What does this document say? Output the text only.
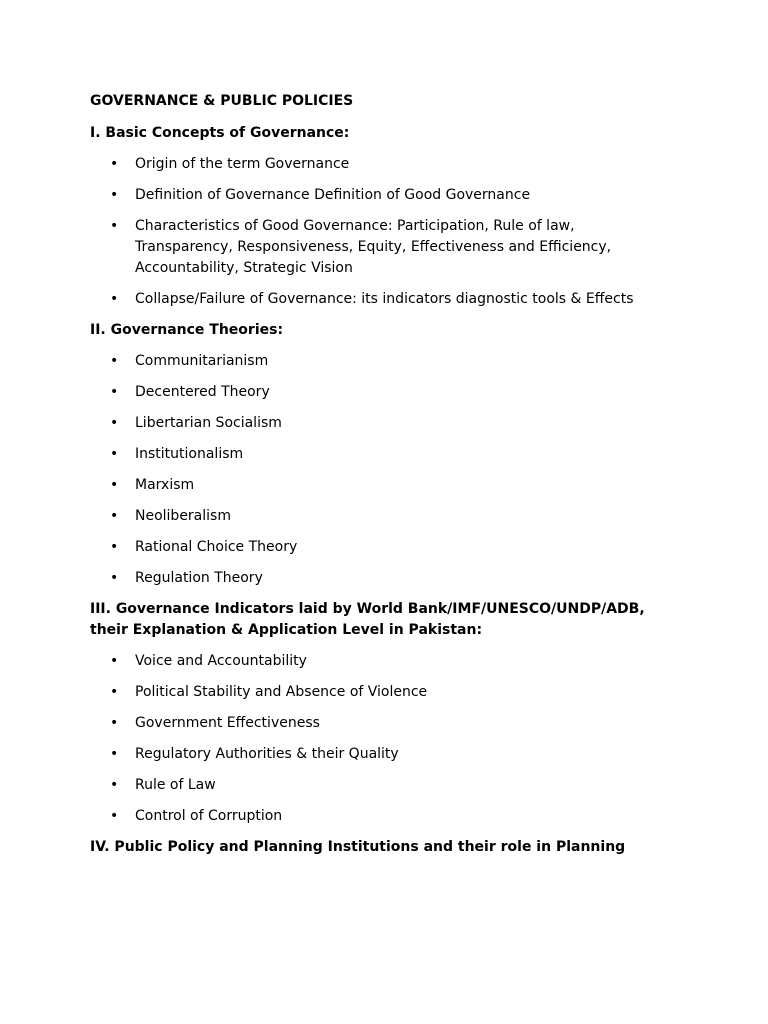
GOVERNANCE & PUBLIC POLICIES
I. Basic Concepts of Governance:
• Origin of the term Governance
• Definition of Governance Definition of Good Governance
• Characteristics of Good Governance: Participation, Rule of law, Transparency, Responsiveness, Equity, Effectiveness and Efficiency, Accountability, Strategic Vision
• Collapse/Failure of Governance: its indicators diagnostic tools & Effects
II. Governance Theories:
• Communitarianism
• Decentered Theory
• Libertarian Socialism
• Institutionalism
• Marxism
• Neoliberalism
• Rational Choice Theory
• Regulation Theory
III. Governance Indicators laid by World Bank/IMF/UNESCO/UNDP/ADB, their Explanation & Application Level in Pakistan:
• Voice and Accountability
• Political Stability and Absence of Violence
• Government Effectiveness
• Regulatory Authorities & their Quality
• Rule of Law
• Control of Corruption
IV. Public Policy and Planning Institutions and their role in Planning
